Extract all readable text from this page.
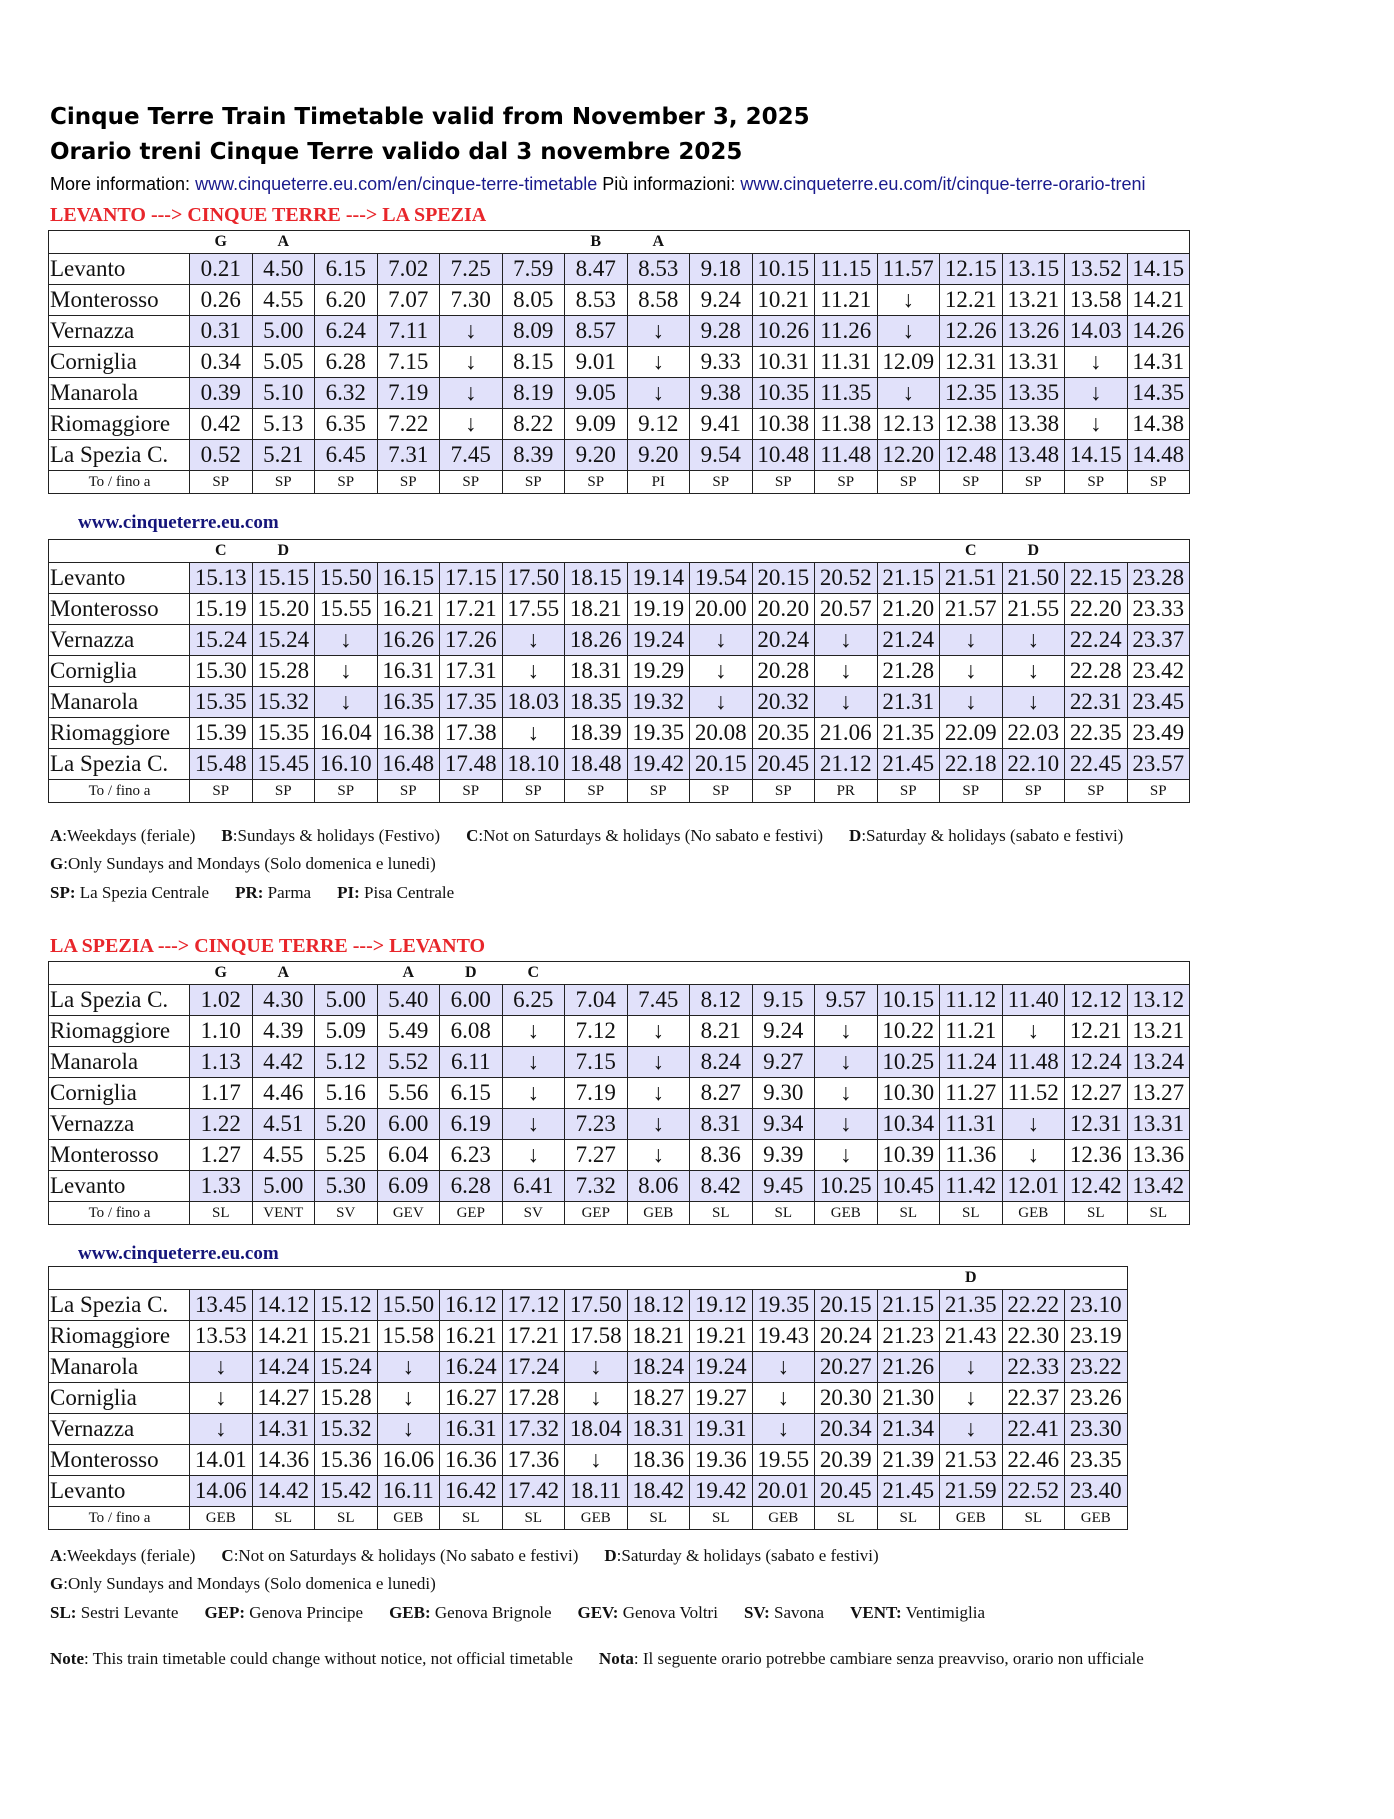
Cinque Terre Train Timetable valid from November 3, 2025
Orario treni Cinque Terre valido dal 3 novembre 2025
More information: www.cinqueterre.eu.com/en/cinque-terre-timetable Più informazioni: www.cinqueterre.eu.com/it/cinque-terre-orario-treni
LEVANTO ---> CINQUE TERRE ---> LA SPEZIA
	G	A					B	A								
Levanto	0.21	4.50	6.15	7.02	7.25	7.59	8.47	8.53	9.18	10.15	11.15	11.57	12.15	13.15	13.52	14.15
Monterosso	0.26	4.55	6.20	7.07	7.30	8.05	8.53	8.58	9.24	10.21	11.21	↓	12.21	13.21	13.58	14.21
Vernazza	0.31	5.00	6.24	7.11	↓	8.09	8.57	↓	9.28	10.26	11.26	↓	12.26	13.26	14.03	14.26
Corniglia	0.34	5.05	6.28	7.15	↓	8.15	9.01	↓	9.33	10.31	11.31	12.09	12.31	13.31	↓	14.31
Manarola	0.39	5.10	6.32	7.19	↓	8.19	9.05	↓	9.38	10.35	11.35	↓	12.35	13.35	↓	14.35
Riomaggiore	0.42	5.13	6.35	7.22	↓	8.22	9.09	9.12	9.41	10.38	11.38	12.13	12.38	13.38	↓	14.38
La Spezia C.	0.52	5.21	6.45	7.31	7.45	8.39	9.20	9.20	9.54	10.48	11.48	12.20	12.48	13.48	14.15	14.48
To / fino a	SP	SP	SP	SP	SP	SP	SP	PI	SP	SP	SP	SP	SP	SP	SP	SP
www.cinqueterre.eu.com
	C	D											C	D		
Levanto	15.13	15.15	15.50	16.15	17.15	17.50	18.15	19.14	19.54	20.15	20.52	21.15	21.51	21.50	22.15	23.28
Monterosso	15.19	15.20	15.55	16.21	17.21	17.55	18.21	19.19	20.00	20.20	20.57	21.20	21.57	21.55	22.20	23.33
Vernazza	15.24	15.24	↓	16.26	17.26	↓	18.26	19.24	↓	20.24	↓	21.24	↓	↓	22.24	23.37
Corniglia	15.30	15.28	↓	16.31	17.31	↓	18.31	19.29	↓	20.28	↓	21.28	↓	↓	22.28	23.42
Manarola	15.35	15.32	↓	16.35	17.35	18.03	18.35	19.32	↓	20.32	↓	21.31	↓	↓	22.31	23.45
Riomaggiore	15.39	15.35	16.04	16.38	17.38	↓	18.39	19.35	20.08	20.35	21.06	21.35	22.09	22.03	22.35	23.49
La Spezia C.	15.48	15.45	16.10	16.48	17.48	18.10	18.48	19.42	20.15	20.45	21.12	21.45	22.18	22.10	22.45	23.57
To / fino a	SP	SP	SP	SP	SP	SP	SP	SP	SP	SP	PR	SP	SP	SP	SP	SP
A:Weekdays (feriale) B:Sundays & holidays (Festivo) C:Not on Saturdays & holidays (No sabato e festivi) D:Saturday & holidays (sabato e festivi)
G:Only Sundays and Mondays (Solo domenica e lunedi)
SP: La Spezia Centrale PR: Parma PI: Pisa Centrale
LA SPEZIA ---> CINQUE TERRE ---> LEVANTO
	G	A		A	D	C										
La Spezia C.	1.02	4.30	5.00	5.40	6.00	6.25	7.04	7.45	8.12	9.15	9.57	10.15	11.12	11.40	12.12	13.12
Riomaggiore	1.10	4.39	5.09	5.49	6.08	↓	7.12	↓	8.21	9.24	↓	10.22	11.21	↓	12.21	13.21
Manarola	1.13	4.42	5.12	5.52	6.11	↓	7.15	↓	8.24	9.27	↓	10.25	11.24	11.48	12.24	13.24
Corniglia	1.17	4.46	5.16	5.56	6.15	↓	7.19	↓	8.27	9.30	↓	10.30	11.27	11.52	12.27	13.27
Vernazza	1.22	4.51	5.20	6.00	6.19	↓	7.23	↓	8.31	9.34	↓	10.34	11.31	↓	12.31	13.31
Monterosso	1.27	4.55	5.25	6.04	6.23	↓	7.27	↓	8.36	9.39	↓	10.39	11.36	↓	12.36	13.36
Levanto	1.33	5.00	5.30	6.09	6.28	6.41	7.32	8.06	8.42	9.45	10.25	10.45	11.42	12.01	12.42	13.42
To / fino a	SL	VENT	SV	GEV	GEP	SV	GEP	GEB	SL	SL	GEB	SL	SL	GEB	SL	SL
www.cinqueterre.eu.com
													D		
La Spezia C.	13.45	14.12	15.12	15.50	16.12	17.12	17.50	18.12	19.12	19.35	20.15	21.15	21.35	22.22	23.10
Riomaggiore	13.53	14.21	15.21	15.58	16.21	17.21	17.58	18.21	19.21	19.43	20.24	21.23	21.43	22.30	23.19
Manarola	↓	14.24	15.24	↓	16.24	17.24	↓	18.24	19.24	↓	20.27	21.26	↓	22.33	23.22
Corniglia	↓	14.27	15.28	↓	16.27	17.28	↓	18.27	19.27	↓	20.30	21.30	↓	22.37	23.26
Vernazza	↓	14.31	15.32	↓	16.31	17.32	18.04	18.31	19.31	↓	20.34	21.34	↓	22.41	23.30
Monterosso	14.01	14.36	15.36	16.06	16.36	17.36	↓	18.36	19.36	19.55	20.39	21.39	21.53	22.46	23.35
Levanto	14.06	14.42	15.42	16.11	16.42	17.42	18.11	18.42	19.42	20.01	20.45	21.45	21.59	22.52	23.40
To / fino a	GEB	SL	SL	GEB	SL	SL	GEB	SL	SL	GEB	SL	SL	GEB	SL	GEB
A:Weekdays (feriale) C:Not on Saturdays & holidays (No sabato e festivi) D:Saturday & holidays (sabato e festivi)
G:Only Sundays and Mondays (Solo domenica e lunedi)
SL: Sestri Levante GEP: Genova Principe GEB: Genova Brignole GEV: Genova Voltri SV: Savona VENT: Ventimiglia
Note: This train timetable could change without notice, not official timetable Nota: Il seguente orario potrebbe cambiare senza preavviso, orario non ufficiale
